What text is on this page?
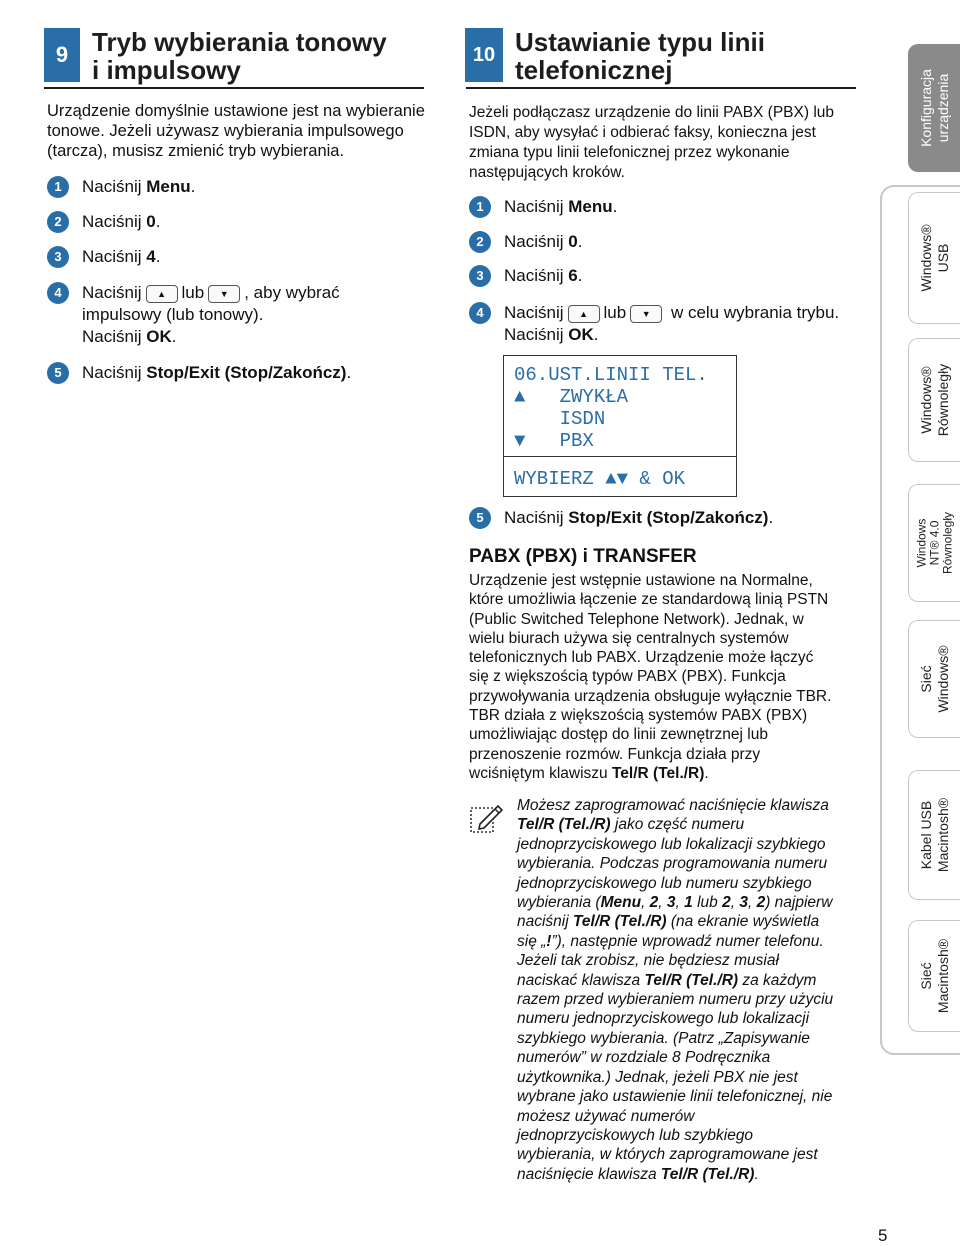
9 Tryb wybierania tonowy
i impulsowy
Urządzenie domyślnie ustawione jest na wybieranie tonowe. Jeżeli używasz wybierania impulsowego (tarcza), musisz zmienić tryb wybierania.
1	Naciśnij Menu.
2	Naciśnij 0.
3	Naciśnij 4.
4	Naciśnij ▲ lub ▼ , aby wybrać
impulsowy (lub tonowy).
Naciśnij OK.
5	Naciśnij Stop/Exit (Stop/Zakończ).
10 Ustawianie typu linii
telefonicznej
Jeżeli podłączasz urządzenie do linii PABX (PBX) lub ISDN, aby wysyłać i odbierać faksy, konieczna jest zmiana typu linii telefonicznej przez wykonanie następujących kroków.
1	Naciśnij Menu.
2	Naciśnij 0.
3	Naciśnij 6.
4	Naciśnij ▲ lub ▼ w celu wybrania trybu.
Naciśnij OK.
06.UST.LINII TEL.
▲   ZWYKŁA
ISDN
▼   PBX
WYBIERZ ▲▼ & OK
5	Naciśnij Stop/Exit (Stop/Zakończ).
PABX (PBX) i TRANSFER
Urządzenie jest wstępnie ustawione na Normalne,
które umożliwia łączenie ze standardową linią PSTN
(Public Switched Telephone Network). Jednak, w
wielu biurach używa się centralnych systemów
telefonicznych lub PABX. Urządzenie może łączyć
się z większością typów PABX (PBX). Funkcja
przywoływania urządzenia obsługuje wyłącznie TBR.
TBR działa z większością systemów PABX (PBX)
umożliwiając dostęp do linii zewnętrznej lub
przenoszenie rozmów. Funkcja działa przy
wciśniętym klawiszu Tel/R (Tel./R).
Możesz zaprogramować naciśnięcie klawisza
Tel/R (Tel./R) jako część numeru
jednoprzyciskowego lub lokalizacji szybkiego
wybierania. Podczas programowania numeru
jednoprzyciskowego lub numeru szybkiego
wybierania (Menu, 2, 3, 1 lub 2, 3, 2) najpierw
naciśnij Tel/R (Tel./R) (na ekranie wyświetla
się „!”), następnie wprowadź numer telefonu.
Jeżeli tak zrobisz, nie będziesz musiał
naciskać klawisza Tel/R (Tel./R) za każdym
razem przed wybieraniem numeru przy użyciu
numeru jednoprzyciskowego lub lokalizacji
szybkiego wybierania. (Patrz „Zapisywanie
numerów” w rozdziale 8 Podręcznika
użytkownika.) Jednak, jeżeli PBX nie jest
wybrane jako ustawienie linii telefonicznej, nie
możesz używać numerów
jednoprzyciskowych lub szybkiego
wybierania, w których zaprogramowane jest
naciśnięcie klawisza Tel/R (Tel./R).
Konfiguracja
urządzenia
Windows®
USB
Windows®
Równoległy
Windows
NT® 4.0
Równoległy
Sieć
Windows®
Kabel USB
Macintosh®
Sieć
Macintosh®
5
